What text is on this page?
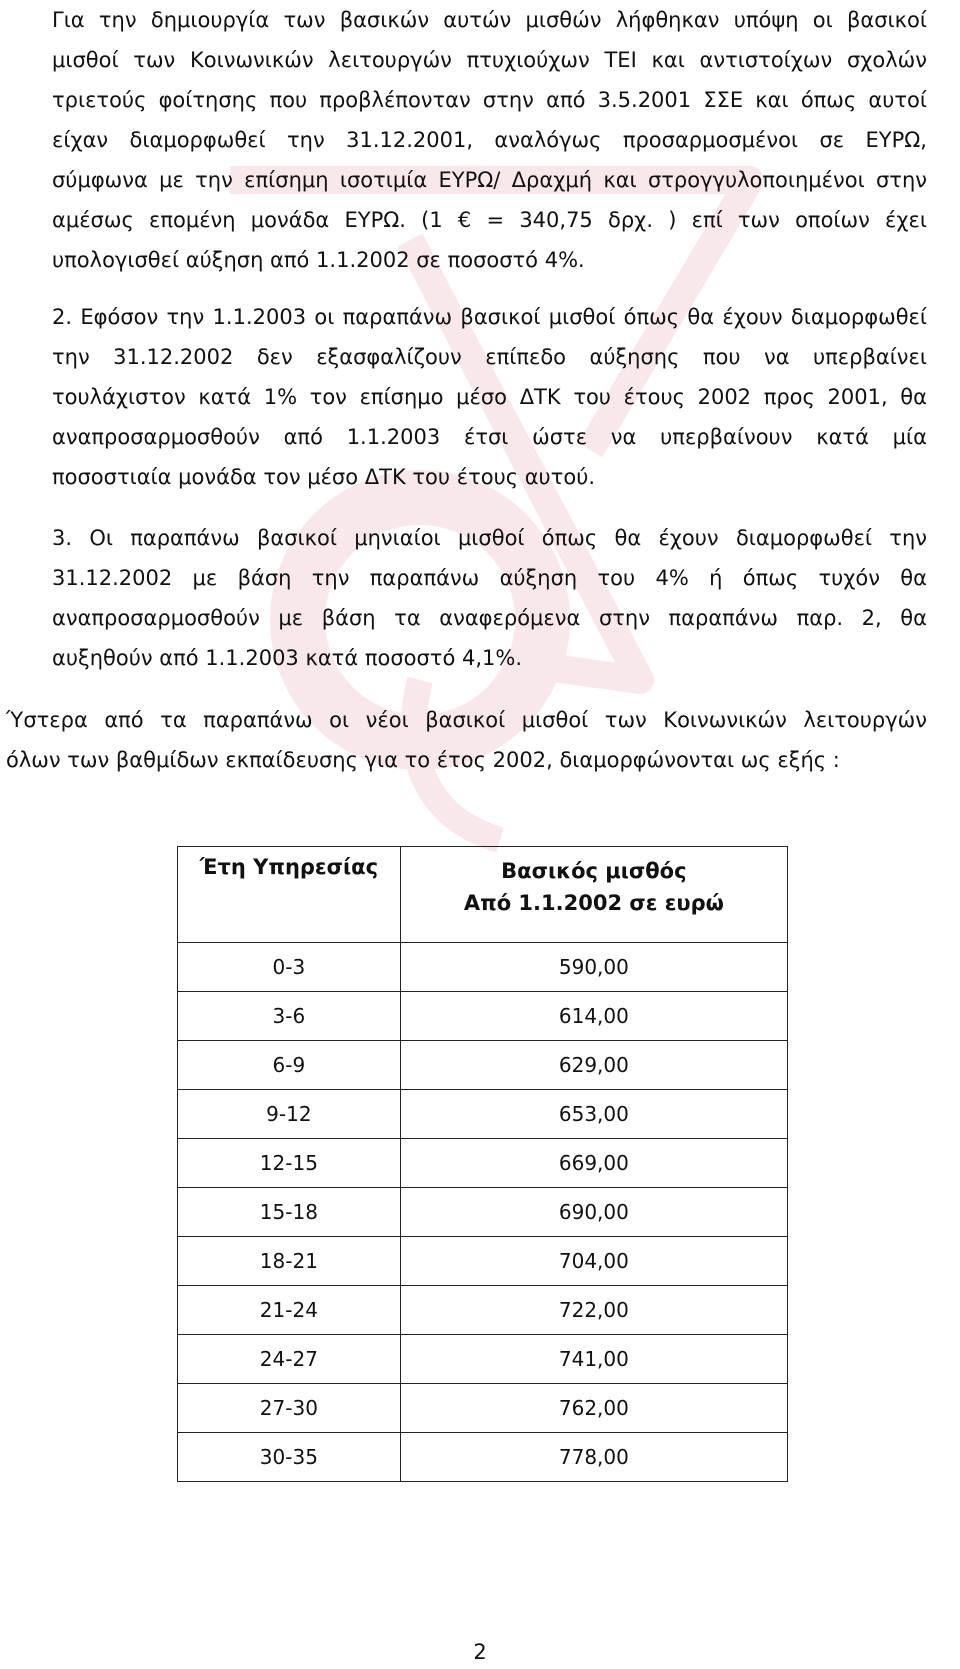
Για την δημιουργία των βασικών αυτών μισθών λήφθηκαν υπόψη οι βασικοί
μισθοί των Κοινωνικών λειτουργών πτυχιούχων ΤΕΙ και αντιστοίχων σχολών
τριετούς φοίτησης που προβλέπονταν στην από 3.5.2001 ΣΣΕ και όπως αυτοί
είχαν διαμορφωθεί την 31.12.2001, αναλόγως προσαρμοσμένοι σε ΕΥΡΩ,
σύμφωνα με την επίσημη ισοτιμία ΕΥΡΩ/ Δραχμή και στρογγυλοποιημένοι στην
αμέσως επομένη μονάδα ΕΥΡΩ. (1 € = 340,75 δρχ. ) επί των οποίων έχει
υπολογισθεί αύξηση από 1.1.2002 σε ποσοστό 4%.
2. Εφόσον την 1.1.2003 οι παραπάνω βασικοί μισθοί όπως θα έχουν διαμορφωθεί
την 31.12.2002 δεν εξασφαλίζουν επίπεδο αύξησης που να υπερβαίνει
τουλάχιστον κατά 1% τον επίσημο μέσο ΔΤΚ του έτους 2002 προς 2001, θα
αναπροσαρμοσθούν από 1.1.2003 έτσι ώστε να υπερβαίνουν κατά μία
ποσοστιαία μονάδα τον μέσο ΔΤΚ του έτους αυτού.
3. Οι παραπάνω βασικοί μηνιαίοι μισθοί όπως θα έχουν διαμορφωθεί την
31.12.2002 με βάση την παραπάνω αύξηση του 4% ή όπως τυχόν θα
αναπροσαρμοσθούν με βάση τα αναφερόμενα στην παραπάνω παρ. 2, θα
αυξηθούν από 1.1.2003 κατά ποσοστό 4,1%.
Ύστερα από τα παραπάνω οι νέοι βασικοί μισθοί των Κοινωνικών λειτουργών
όλων των βαθμίδων εκπαίδευσης για το έτος 2002, διαμορφώνονται ως εξής :
Έτη Υπηρεσίας	Βασικός μισθός
Από 1.1.2002 σε ευρώ

0-3	590,00
3-6	614,00
6-9	629,00
9-12	653,00
12-15	669,00
15-18	690,00
18-21	704,00
21-24	722,00
24-27	741,00
27-30	762,00
30-35	778,00
2
